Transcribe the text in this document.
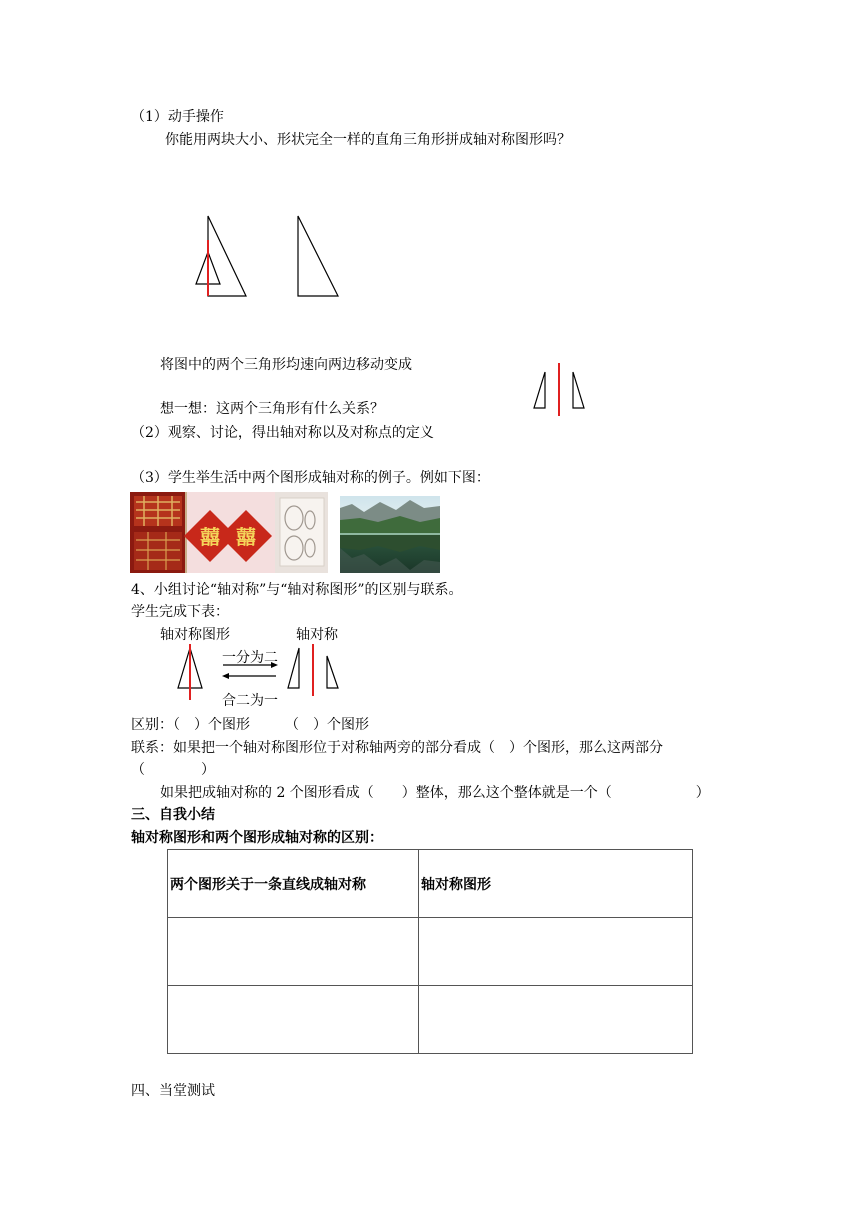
（1）动手操作
你能用两块大小、形状完全一样的直角三角形拼成轴对称图形吗？
将图中的两个三角形均速向两边移动变成
想一想：这两个三角形有什么关系？
（2）观察、讨论，得出轴对称以及对称点的定义
（3）学生举生活中两个图形成轴对称的例子。例如下图：
囍 囍
4、小组讨论“轴对称”与“轴对称图形”的区别与联系。
学生完成下表：
轴对称图形	轴对称
一分为二
合二为一
区别：（　）个图形　　　（　）个图形
联系：如果把一个轴对称图形位于对称轴两旁的部分看成（　）个图形，那么这两部分
（　　　　）
如果把成轴对称的 2 个图形看成（　　）整体，那么这个整体就是一个（　　　　　　）
三、自我小结
轴对称图形和两个图形成轴对称的区别：
两个图形关于一条直线成轴对称	轴对称图形

四、当堂测试
